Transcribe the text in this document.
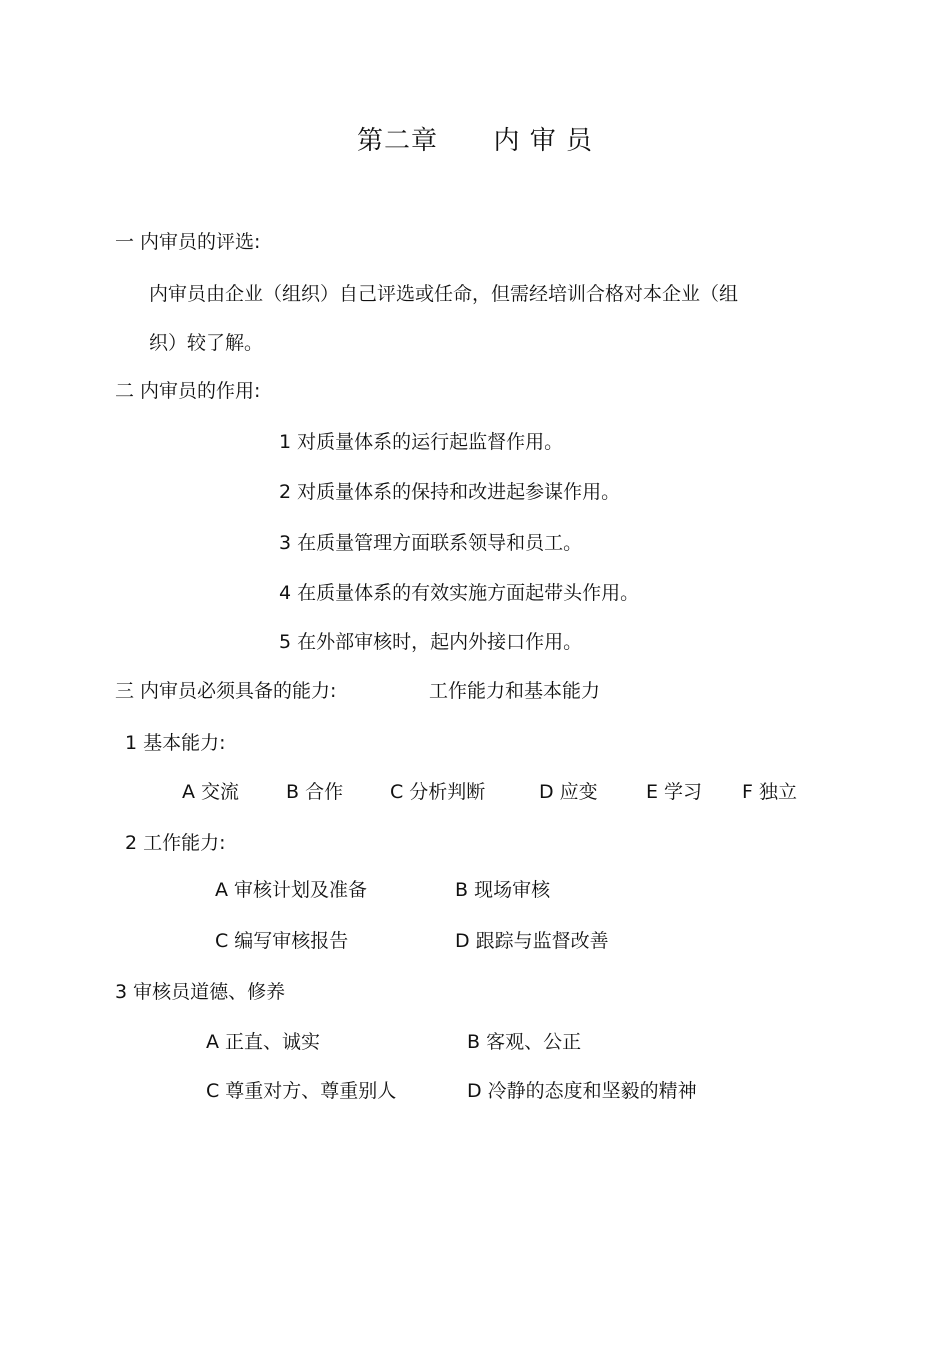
第二章      内 审 员
一 内审员的评选:
内审员由企业（组织）自己评选或任命，但需经培训合格对本企业（组
织）较了解。
二 内审员的作用:
1 对质量体系的运行起监督作用。
2 对质量体系的保持和改进起参谋作用。
3 在质量管理方面联系领导和员工。
4 在质量体系的有效实施方面起带头作用。
5 在外部审核时，起内外接口作用。
三 内审员必须具备的能力:	工作能力和基本能力
1 基本能力:
A 交流 B 合作 C 分析判断	D 应变	E 学习 F 独立
2 工作能力:
A 审核计划及准备	B 现场审核
C 编写审核报告	D 跟踪与监督改善
3 审核员道德、修养
A 正直、诚实	B 客观、公正
C 尊重对方、尊重别人	D 冷静的态度和坚毅的精神
